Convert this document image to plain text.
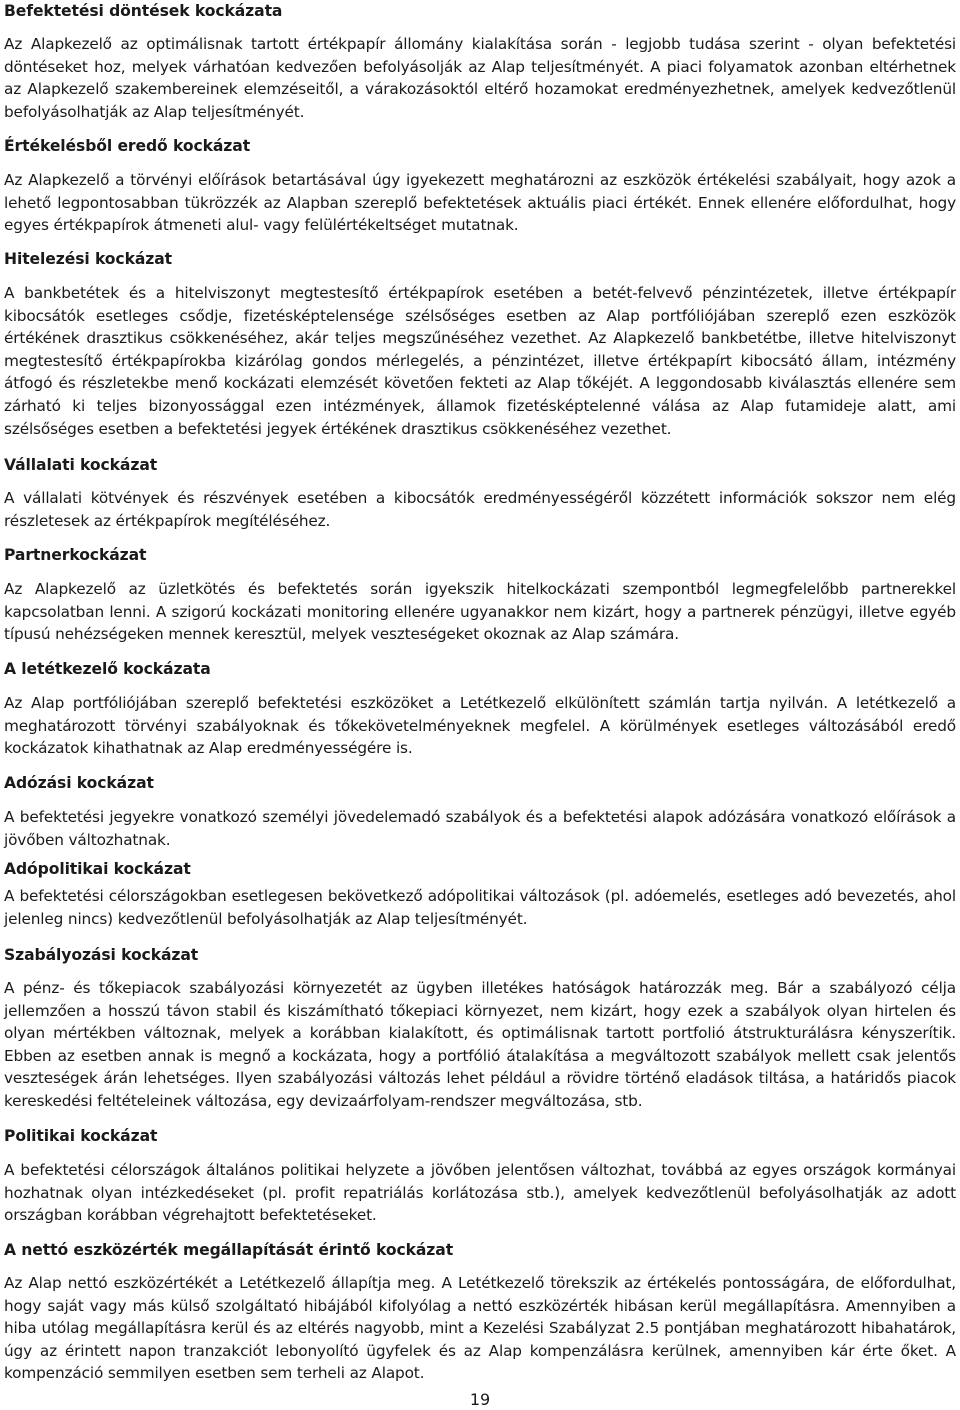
Befektetési döntések kockázata

Az Alapkezelő az optimálisnak tartott értékpapír állomány kialakítása során - legjobb tudása szerint - olyan befektetési döntéseket hoz, melyek várhatóan kedvezően befolyásolják az Alap teljesítményét. A piaci folyamatok azonban eltérhetnek az Alapkezelő szakembereinek elemzéseitől, a várakozásoktól eltérő hozamokat eredményezhetnek, amelyek kedvezőtlenül befolyásolhatják az Alap teljesítményét.

Értékelésből eredő kockázat

Az Alapkezelő a törvényi előírások betartásával úgy igyekezett meghatározni az eszközök értékelési szabályait, hogy azok a lehető legpontosabban tükrözzék az Alapban szereplő befektetések aktuális piaci értékét. Ennek ellenére előfordulhat, hogy egyes értékpapírok átmeneti alul- vagy felülértékeltséget mutatnak.

Hitelezési kockázat

A bankbetétek és a hitelviszonyt megtestesítő értékpapírok esetében a betét-felvevő pénzintézetek, illetve értékpapír kibocsátók esetleges csődje, fizetésképtelensége szélsőséges esetben az Alap portfóliójában szereplő ezen eszközök értékének drasztikus csökkenéséhez, akár teljes megszűnéséhez vezethet. Az Alapkezelő bankbetétbe, illetve hitelviszonyt megtestesítő értékpapírokba kizárólag gondos mérlegelés, a pénzintézet, illetve értékpapírt kibocsátó állam, intézmény átfogó és részletekbe menő kockázati elemzését követően fekteti az Alap tőkéjét. A leggondosabb kiválasztás ellenére sem zárható ki teljes bizonyossággal ezen intézmények, államok fizetésképtelenné válása az Alap futamideje alatt, ami szélsőséges esetben a befektetési jegyek értékének drasztikus csökkenéséhez vezethet.

Vállalati kockázat

A vállalati kötvények és részvények esetében a kibocsátók eredményességéről közzétett információk sokszor nem elég részletesek az értékpapírok megítéléséhez.

Partnerkockázat

Az Alapkezelő az üzletkötés és befektetés során igyekszik hitelkockázati szempontból legmegfelelőbb partnerekkel kapcsolatban lenni. A szigorú kockázati monitoring ellenére ugyanakkor nem kizárt, hogy a partnerek pénzügyi, illetve egyéb típusú nehézségeken mennek keresztül, melyek veszteségeket okoznak az Alap számára.

A letétkezelő kockázata

Az Alap portfóliójában szereplő befektetési eszközöket a Letétkezelő elkülönített számlán tartja nyilván. A letétkezelő a meghatározott törvényi szabályoknak és tőkekövetelményeknek megfelel. A körülmények esetleges változásából eredő kockázatok kihathatnak az Alap eredményességére is.

Adózási kockázat

A befektetési jegyekre vonatkozó személyi jövedelemadó szabályok és a befektetési alapok adózására vonatkozó előírások a jövőben változhatnak.

Adópolitikai kockázat

A befektetési célországokban esetlegesen bekövetkező adópolitikai változások (pl. adóemelés, esetleges adó bevezetés, ahol jelenleg nincs) kedvezőtlenül befolyásolhatják az Alap teljesítményét.

Szabályozási kockázat

A pénz- és tőkepiacok szabályozási környezetét az ügyben illetékes hatóságok határozzák meg. Bár a szabályozó célja jellemzően a hosszú távon stabil és kiszámítható tőkepiaci környezet, nem kizárt, hogy ezek a szabályok olyan hirtelen és olyan mértékben változnak, melyek a korábban kialakított, és optimálisnak tartott portfolió átstrukturálásra kényszerítik. Ebben az esetben annak is megnő a kockázata, hogy a portfólió átalakítása a megváltozott szabályok mellett csak jelentős veszteségek árán lehetséges. Ilyen szabályozási változás lehet például a rövidre történő eladások tiltása, a határidős piacok kereskedési feltételeinek változása, egy devizaárfolyam-rendszer megváltozása, stb.

Politikai kockázat

A befektetési célországok általános politikai helyzete a jövőben jelentősen változhat, továbbá az egyes országok kormányai hozhatnak olyan intézkedéseket (pl. profit repatriálás korlátozása stb.), amelyek kedvezőtlenül befolyásolhatják az adott országban korábban végrehajtott befektetéseket.

A nettó eszközérték megállapítását érintő kockázat

Az Alap nettó eszközértékét a Letétkezelő állapítja meg. A Letétkezelő törekszik az értékelés pontosságára, de előfordulhat, hogy saját vagy más külső szolgáltató hibájából kifolyólag a nettó eszközérték hibásan kerül megállapításra. Amennyiben a hiba utólag megállapításra kerül és az eltérés nagyobb, mint a Kezelési Szabályzat 2.5 pontjában meghatározott hibahatárok, úgy az érintett napon tranzakciót lebonyolító ügyfelek és az Alap kompenzálásra kerülnek, amennyiben kár érte őket. A kompenzáció semmilyen esetben sem terheli az Alapot.

19
